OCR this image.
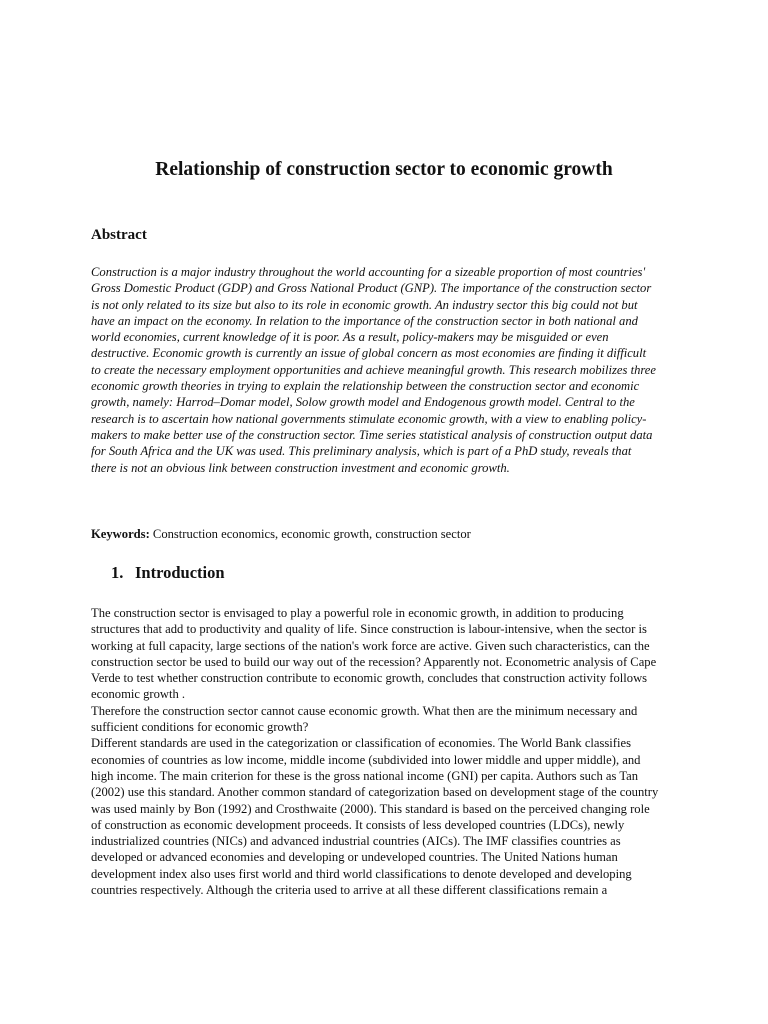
Relationship of construction sector to economic growth
Abstract

Construction is a major industry throughout the world accounting for a sizeable proportion of most countries' Gross Domestic Product (GDP) and Gross National Product (GNP). The importance of the construction sector is not only related to its size but also to its role in economic growth. An industry sector this big could not but have an impact on the economy. In relation to the importance of the construction sector in both national and world economies, current knowledge of it is poor. As a result, policy-makers may be misguided or even destructive. Economic growth is currently an issue of global concern as most economies are finding it difficult to create the necessary employment opportunities and achieve meaningful growth. This research mobilizes three economic growth theories in trying to explain the relationship between the construction sector and economic growth, namely: Harrod–Domar model, Solow growth model and Endogenous growth model. Central to the research is to ascertain how national governments stimulate economic growth, with a view to enabling policy-makers to make better use of the construction sector. Time series statistical analysis of construction output data for South Africa and the UK was used. This preliminary analysis, which is part of a PhD study, reveals that there is not an obvious link between construction investment and economic growth.

Keywords: Construction economics, economic growth, construction sector

1. Introduction

The construction sector is envisaged to play a powerful role in economic growth, in addition to producing structures that add to productivity and quality of life. Since construction is labour-intensive, when the sector is working at full capacity, large sections of the nation's work force are active. Given such characteristics, can the construction sector be used to build our way out of the recession? Apparently not. Econometric analysis of Cape Verde to test whether construction contribute to economic growth, concludes that construction activity follows economic growth .

Therefore the construction sector cannot cause economic growth. What then are the minimum necessary and sufficient conditions for economic growth?

Different standards are used in the categorization or classification of economies. The World Bank classifies economies of countries as low income, middle income (subdivided into lower middle and upper middle), and high income. The main criterion for these is the gross national income (GNI) per capita. Authors such as Tan (2002) use this standard. Another common standard of categorization based on development stage of the country was used mainly by Bon (1992) and Crosthwaite (2000). This standard is based on the perceived changing role of construction as economic development proceeds. It consists of less developed countries (LDCs), newly industrialized countries (NICs) and advanced industrial countries (AICs). The IMF classifies countries as developed or advanced economies and developing or undeveloped countries. The United Nations human development index also uses first world and third world classifications to denote developed and developing countries respectively. Although the criteria used to arrive at all these different classifications remain a
